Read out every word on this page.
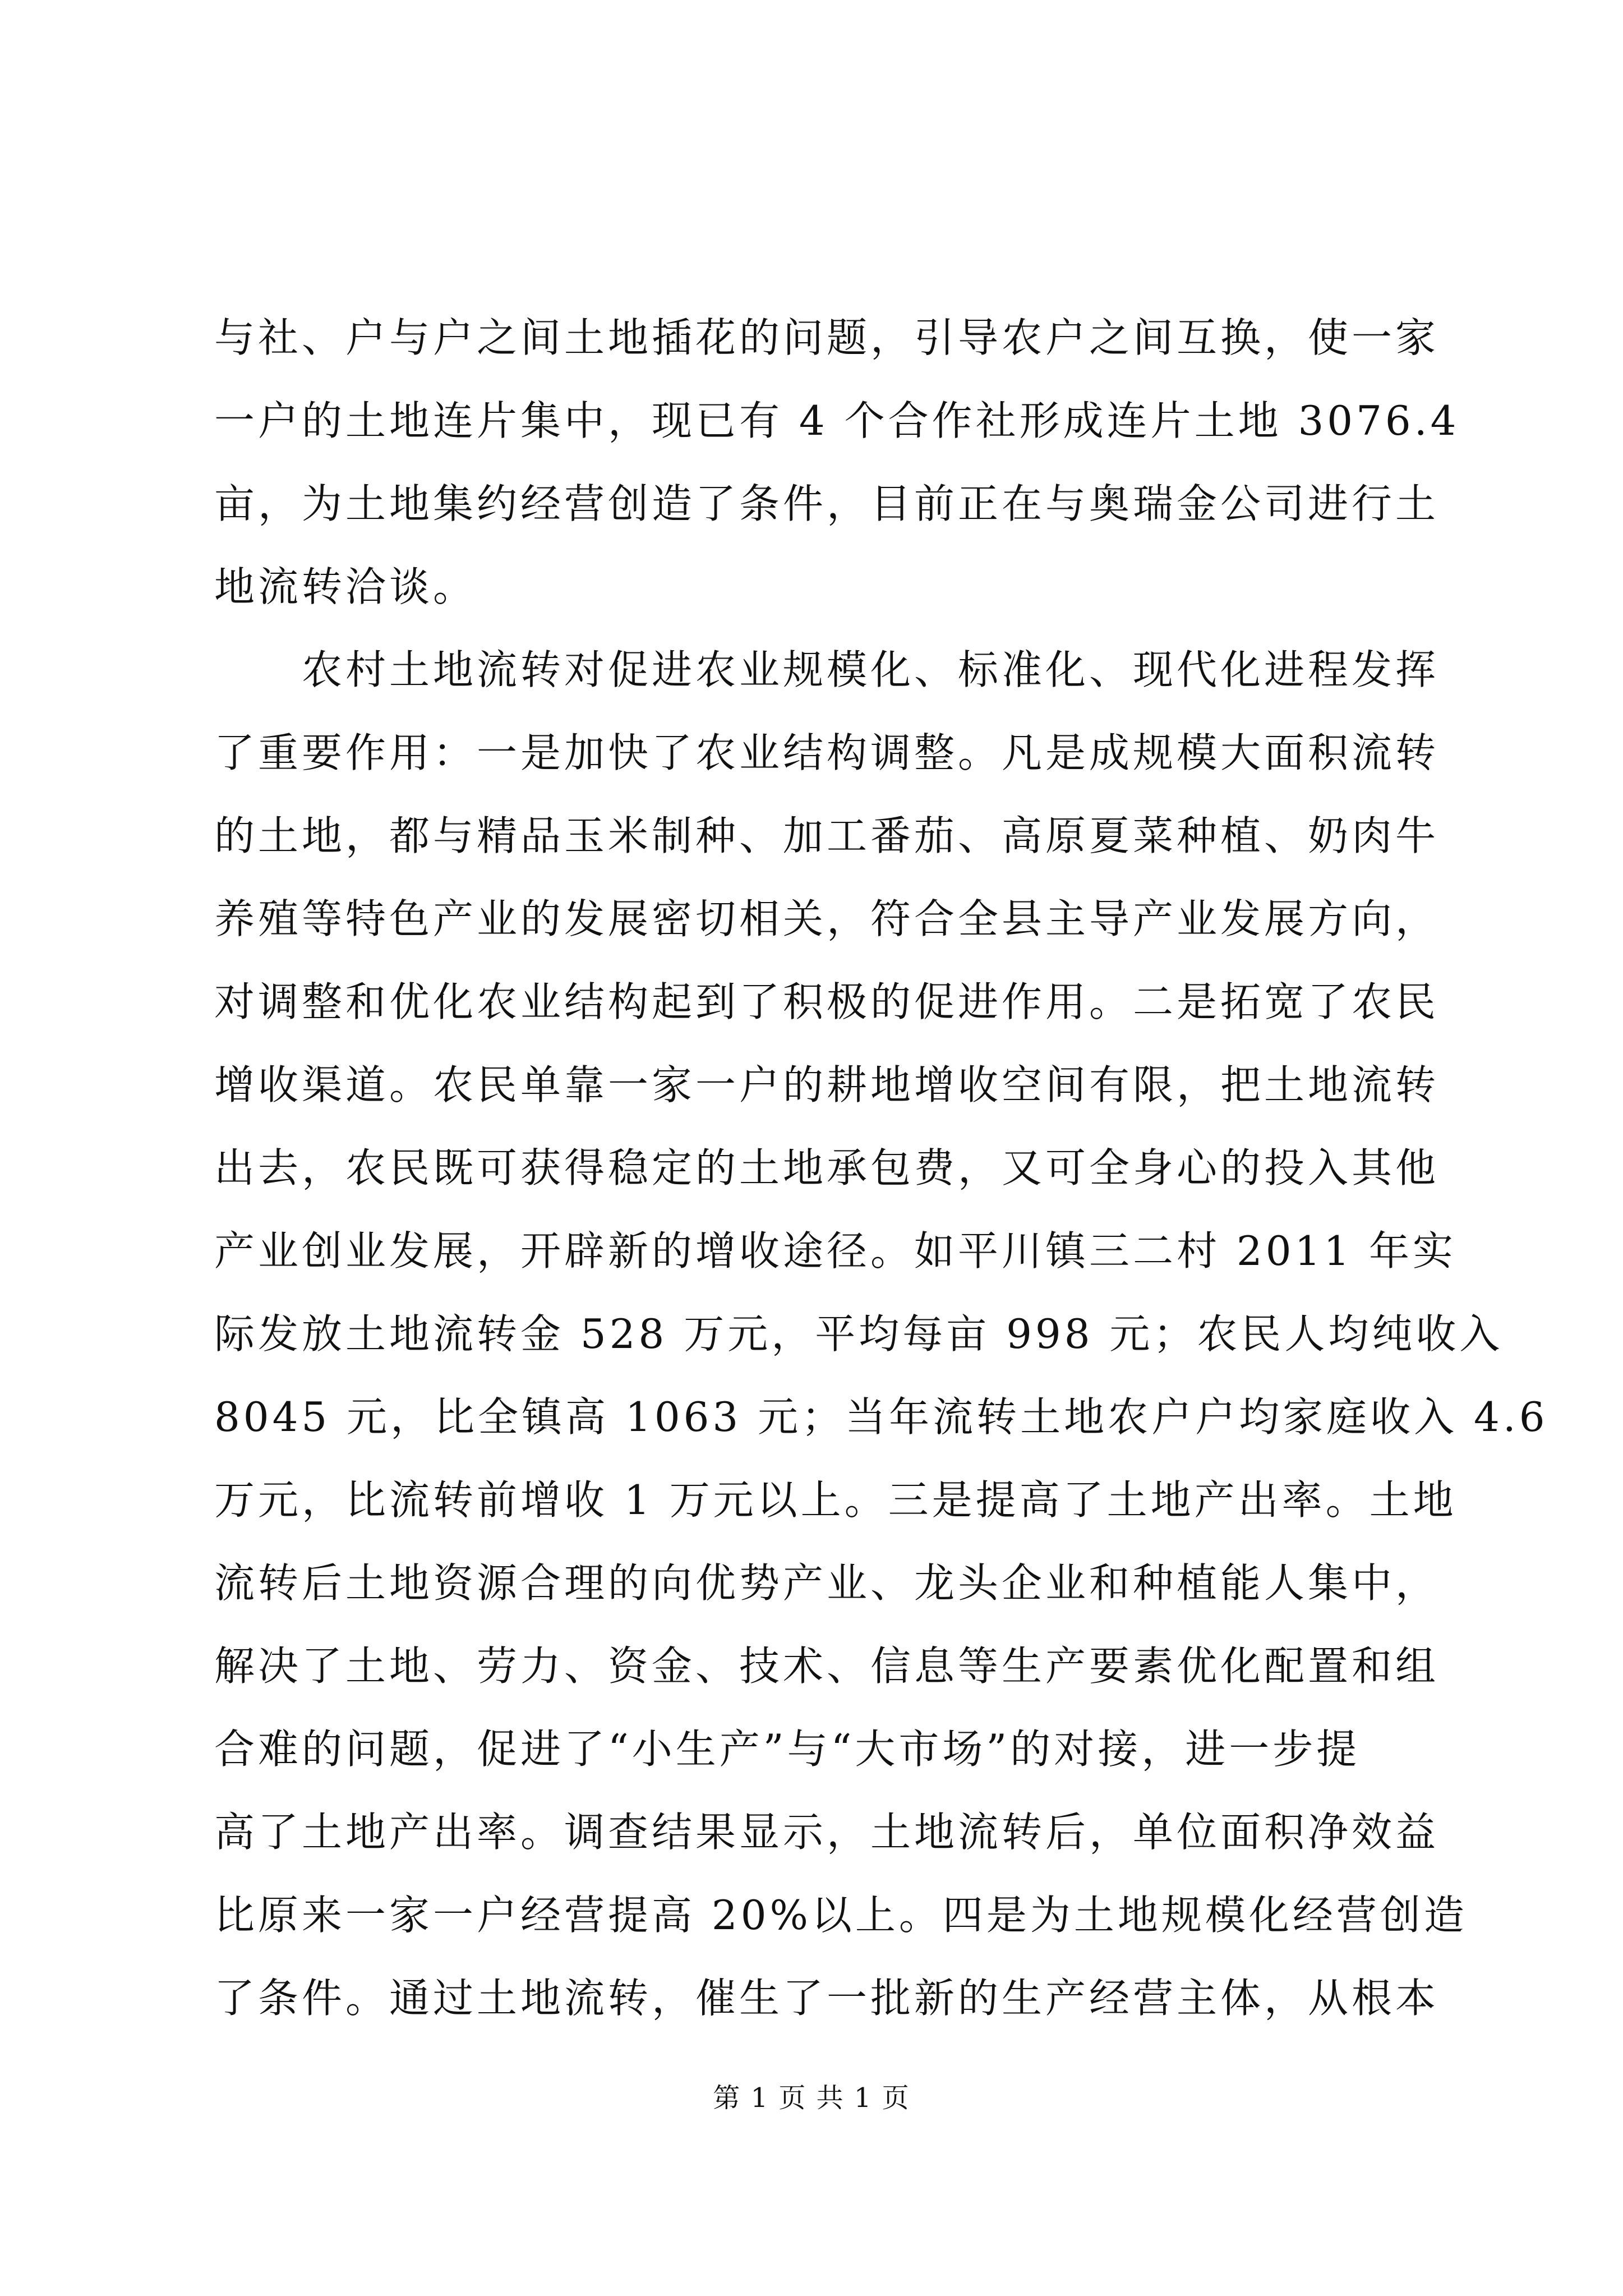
与社、户与户之间土地插花的问题，引导农户之间互换，使一家
一户的土地连片集中，现已有 4 个合作社形成连片土地 3076.4
亩，为土地集约经营创造了条件，目前正在与奥瑞金公司进行土
地流转洽谈。
　　农村土地流转对促进农业规模化、标准化、现代化进程发挥
了重要作用：一是加快了农业结构调整。凡是成规模大面积流转
的土地，都与精品玉米制种、加工番茄、高原夏菜种植、奶肉牛
养殖等特色产业的发展密切相关，符合全县主导产业发展方向，
对调整和优化农业结构起到了积极的促进作用。二是拓宽了农民
增收渠道。农民单靠一家一户的耕地增收空间有限，把土地流转
出去，农民既可获得稳定的土地承包费，又可全身心的投入其他
产业创业发展，开辟新的增收途径。如平川镇三二村 2011 年实
际发放土地流转金 528 万元，平均每亩 998 元；农民人均纯收入
8045 元，比全镇高 1063 元；当年流转土地农户户均家庭收入 4.6
万元，比流转前增收 1 万元以上。三是提高了土地产出率。土地
流转后土地资源合理的向优势产业、龙头企业和种植能人集中，
解决了土地、劳力、资金、技术、信息等生产要素优化配置和组
合难的问题，促进了“小生产”与“大市场”的对接，进一步提
高了土地产出率。调查结果显示，土地流转后，单位面积净效益
比原来一家一户经营提高 20%以上。四是为土地规模化经营创造
了条件。通过土地流转，催生了一批新的生产经营主体，从根本
第 1 页 共 1 页
